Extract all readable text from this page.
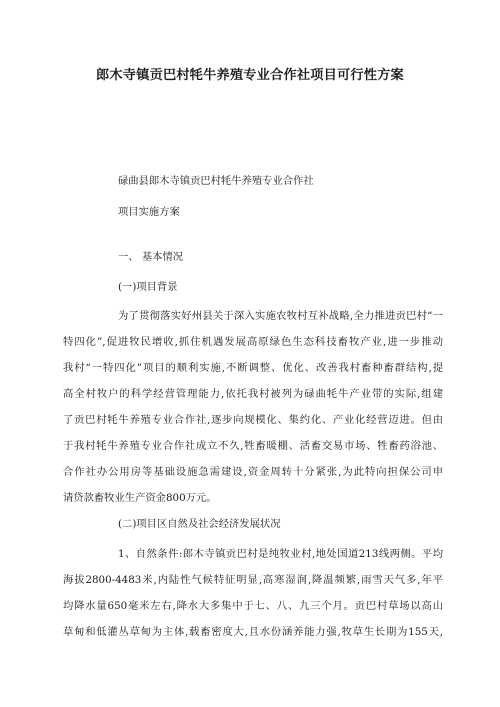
郎木寺镇贡巴村牦牛养殖专业合作社项目可行性方案
碌曲县郎木寺镇贡巴村牦牛养殖专业合作社
项目实施方案
一、 基本情况
(一)项目背景
为了贯彻落实好州县关于深入实施农牧村互补战略,全力推进贡巴村“一
特四化”,促进牧民增收,抓住机遇发展高原绿色生态科技畜牧产业,进一步推动
我村“一特四化”项目的顺利实施,不断调整、优化、改善我村畜种畜群结构,提
高全村牧户的科学经营管理能力,依托我村被列为碌曲牦牛产业带的实际,组建
了贡巴村牦牛养殖专业合作社,逐步向规模化、集约化、产业化经营迈进。但由
于我村牦牛养殖专业合作社成立不久,牲畜暖棚、活畜交易市场、牲畜药浴池、
合作社办公用房等基础设施急需建设,资金周转十分紧张,为此特向担保公司申
请贷款畜牧业生产资金800万元。
(二)项目区自然及社会经济发展状况
1、自然条件:郎木寺镇贡巴村是纯牧业村,地处国道213线两侧。平均
海拔2800-4483米,内陆性气候特征明显,高寒湿润,降温频繁,雨雪天气多,年平
均降水量650毫米左右,降水大多集中于七、八、九三个月。贡巴村草场以高山
草甸和低灌丛草甸为主体,载畜密度大,且水份涵养能力强,牧草生长期为155天,
